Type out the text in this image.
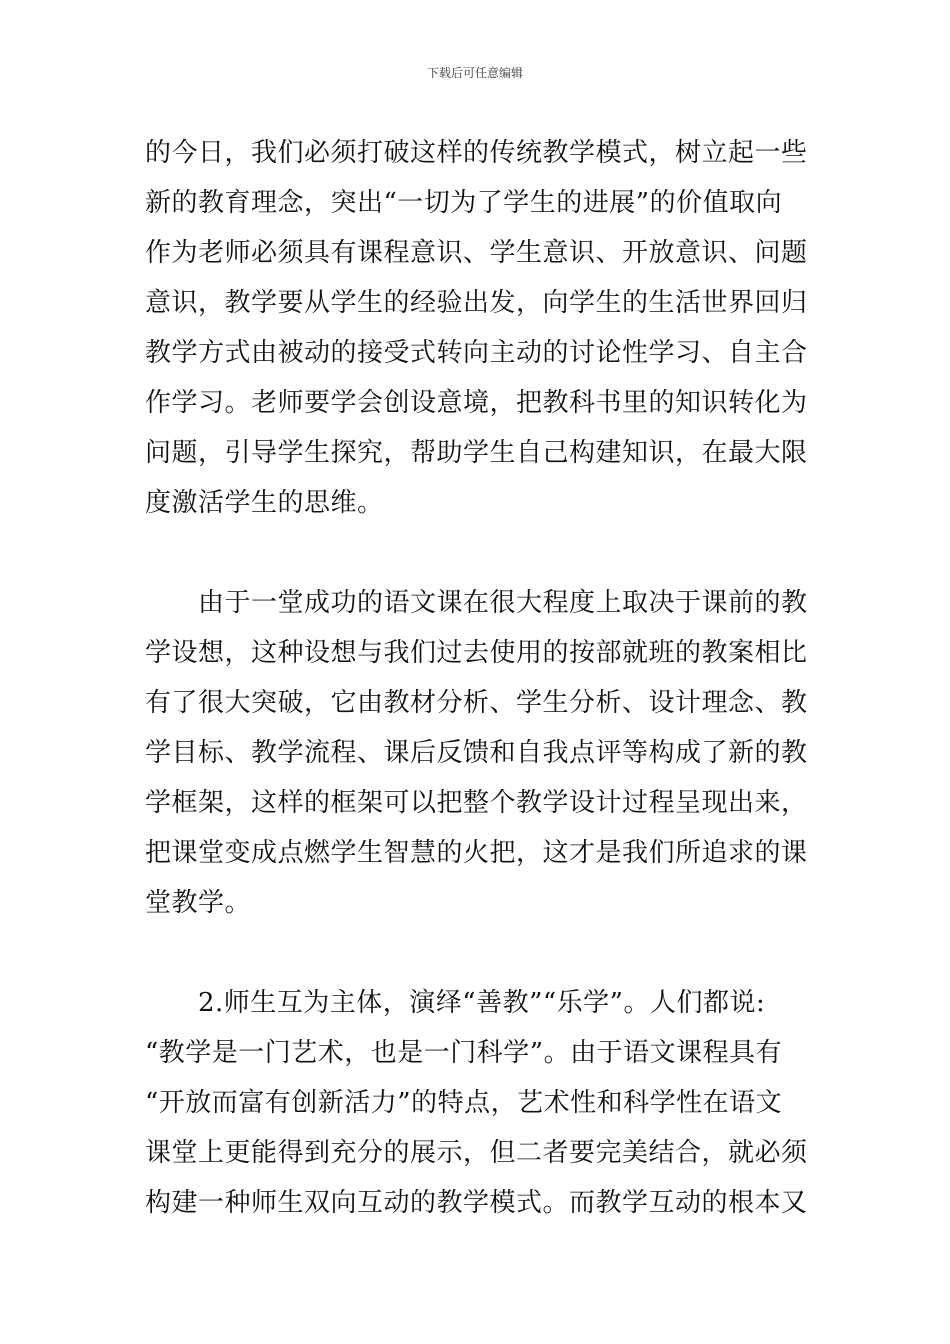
下载后可任意编辑
的今日，我们必须打破这样的传统教学模式，树立起一些
新的教育理念，突出“一切为了学生的进展”的价值取向
作为老师必须具有课程意识、学生意识、开放意识、问题
意识，教学要从学生的经验出发，向学生的生活世界回归
教学方式由被动的接受式转向主动的讨论性学习、自主合
作学习。老师要学会创设意境，把教科书里的知识转化为
问题，引导学生探究，帮助学生自己构建知识，在最大限
度激活学生的思维。
　　由于一堂成功的语文课在很大程度上取决于课前的教
学设想，这种设想与我们过去使用的按部就班的教案相比
有了很大突破，它由教材分析、学生分析、设计理念、教
学目标、教学流程、课后反馈和自我点评等构成了新的教
学框架，这样的框架可以把整个教学设计过程呈现出来，
把课堂变成点燃学生智慧的火把，这才是我们所追求的课
堂教学。
　　2.师生互为主体，演绎“善教”“乐学”。人们都说:
“教学是一门艺术，也是一门科学”。由于语文课程具有
“开放而富有创新活力”的特点，艺术性和科学性在语文
课堂上更能得到充分的展示，但二者要完美结合，就必须
构建一种师生双向互动的教学模式。而教学互动的根本又
